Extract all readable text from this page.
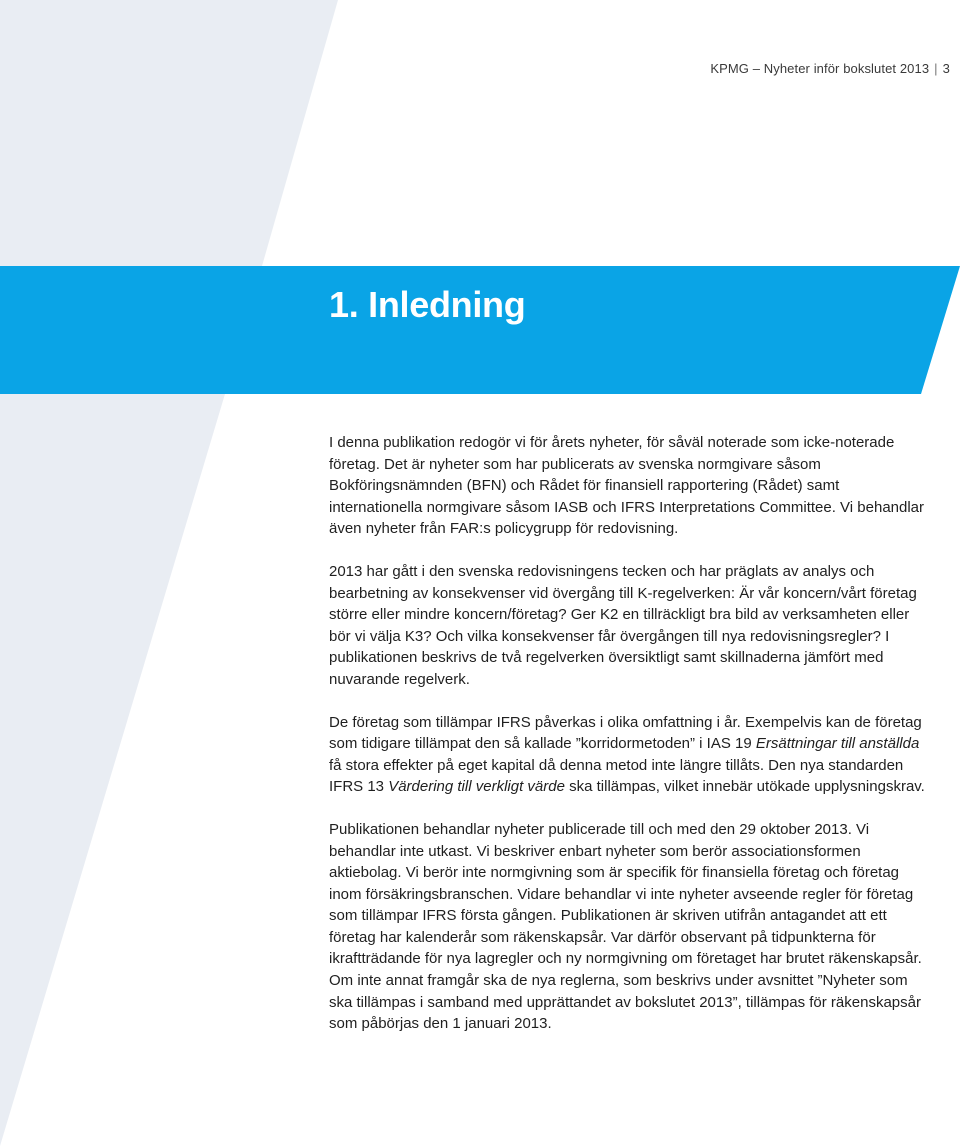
KPMG – Nyheter inför bokslutet 2013 | 3
1. Inledning

I denna publikation redogör vi för årets nyheter, för såväl noterade som icke-noterade företag. Det är nyheter som har publicerats av svenska normgivare såsom Bokföringsnämnden (BFN) och Rådet för finansiell rapportering (Rådet) samt internationella normgivare såsom IASB och IFRS Interpretations Committee. Vi behandlar även nyheter från FAR:s policygrupp för redovisning.

2013 har gått i den svenska redovisningens tecken och har präglats av analys och bearbetning av konsekvenser vid övergång till K-regelverken: Är vår koncern/vårt företag större eller mindre koncern/företag? Ger K2 en tillräckligt bra bild av verksamheten eller bör vi välja K3? Och vilka konsekvenser får övergången till nya redovisningsregler? I publikationen beskrivs de två regelverken översiktligt samt skillnaderna jämfört med nuvarande regelverk.

De företag som tillämpar IFRS påverkas i olika omfattning i år. Exempelvis kan de företag som tidigare tillämpat den så kallade ”korridormetoden” i IAS 19 Ersättningar till anställda få stora effekter på eget kapital då denna metod inte längre tillåts. Den nya standarden IFRS 13 Värdering till verkligt värde ska tillämpas, vilket innebär utökade upplysningskrav.

Publikationen behandlar nyheter publicerade till och med den 29 oktober 2013. Vi behandlar inte utkast. Vi beskriver enbart nyheter som berör associationsformen aktiebolag. Vi berör inte normgivning som är specifik för finansiella företag och företag inom försäkringsbranschen. Vidare behandlar vi inte nyheter avseende regler för företag som tillämpar IFRS första gången. Publikationen är skriven utifrån antagandet att ett företag har kalenderår som räkenskapsår. Var därför observant på tidpunkterna för ikraftträdande för nya lagregler och ny normgivning om företaget har brutet räkenskapsår. Om inte annat framgår ska de nya reglerna, som beskrivs under avsnittet ”Nyheter som ska tillämpas i samband med upprättandet av bokslutet 2013”, tillämpas för räkenskapsår som påbörjas den 1 januari 2013.
